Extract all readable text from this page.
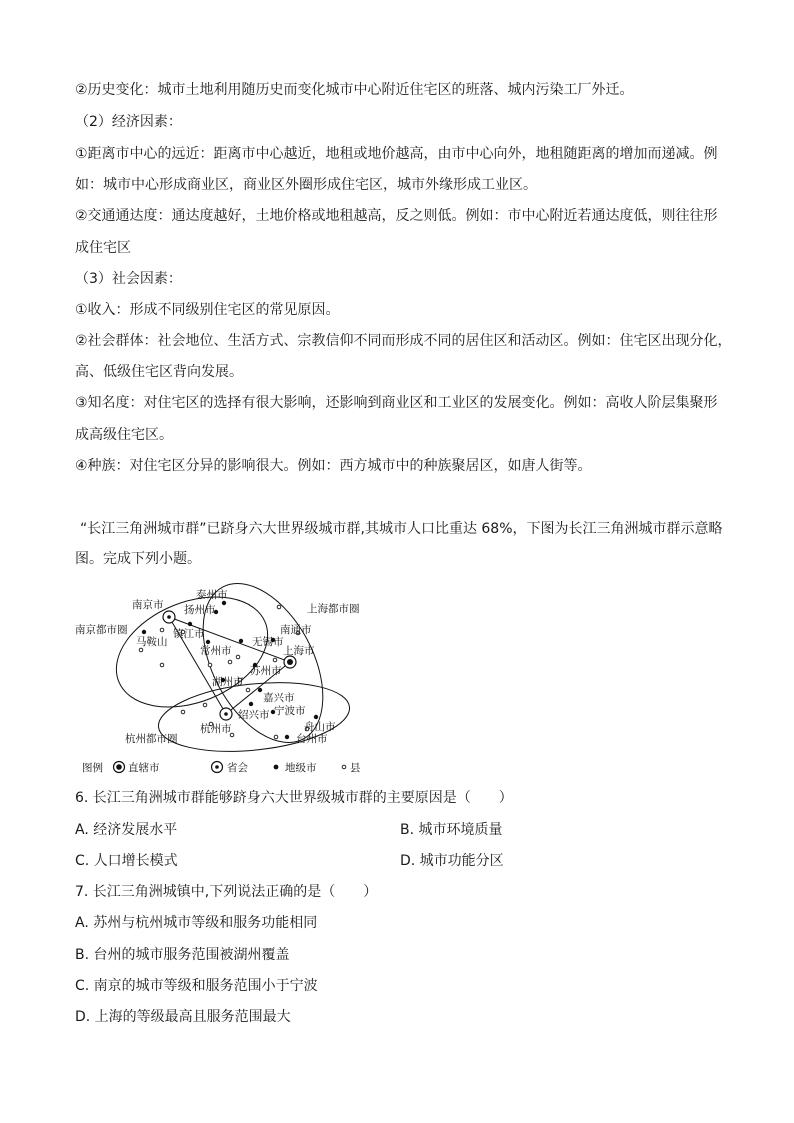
②历史变化：城市土地利用随历史而变化城市中心附近住宅区的班落、城内污染工厂外迁。
（2）经济因素：
①距离市中心的远近：距离市中心越近，地租或地价越高，由市中心向外，地租随距离的增加而递减。例
如：城市中心形成商业区，商业区外圈形成住宅区，城市外缘形成工业区。
②交通通达度：通达度越好，土地价格或地租越高，反之则低。例如：市中心附近若通达度低，则往往形
成住宅区
（3）社会因素：
①收入：形成不同级别住宅区的常见原因。
②社会群体：社会地位、生活方式、宗教信仰不同而形成不同的居住区和活动区。例如：住宅区出现分化，
高、低级住宅区背向发展。
③知名度：对住宅区的选择有很大影响，还影响到商业区和工业区的发展变化。例如：高收人阶层集聚形
成高级住宅区。
④种族：对住宅区分异的影响很大。例如：西方城市中的种族聚居区，如唐人街等。
“长江三角洲城市群”已跻身六大世界级城市群,其城市人口比重达 68%，下图为长江三角洲城市群示意略
图。完成下列小题。
南京都市圈
上海都市圈
杭州都市圈
南京市
泰州市
扬州市
镇江市
马鞍山
南通市
无锡市
常州市	上海市
苏州市
湖州市
嘉兴市
宁波市
绍兴市
舟山市
杭州市
台州市
图例 直辖市	省会	地级市	县
6. 长江三角洲城市群能够跻身六大世界级城市群的主要原因是（　　）
A. 经济发展水平	B. 城市环境质量
C. 人口增长模式	D. 城市功能分区
7. 长江三角洲城镇中,下列说法正确的是（　　）
A. 苏州与杭州城市等级和服务功能相同
B. 台州的城市服务范围被湖州覆盖
C. 南京的城市等级和服务范围小于宁波
D. 上海的等级最高且服务范围最大
